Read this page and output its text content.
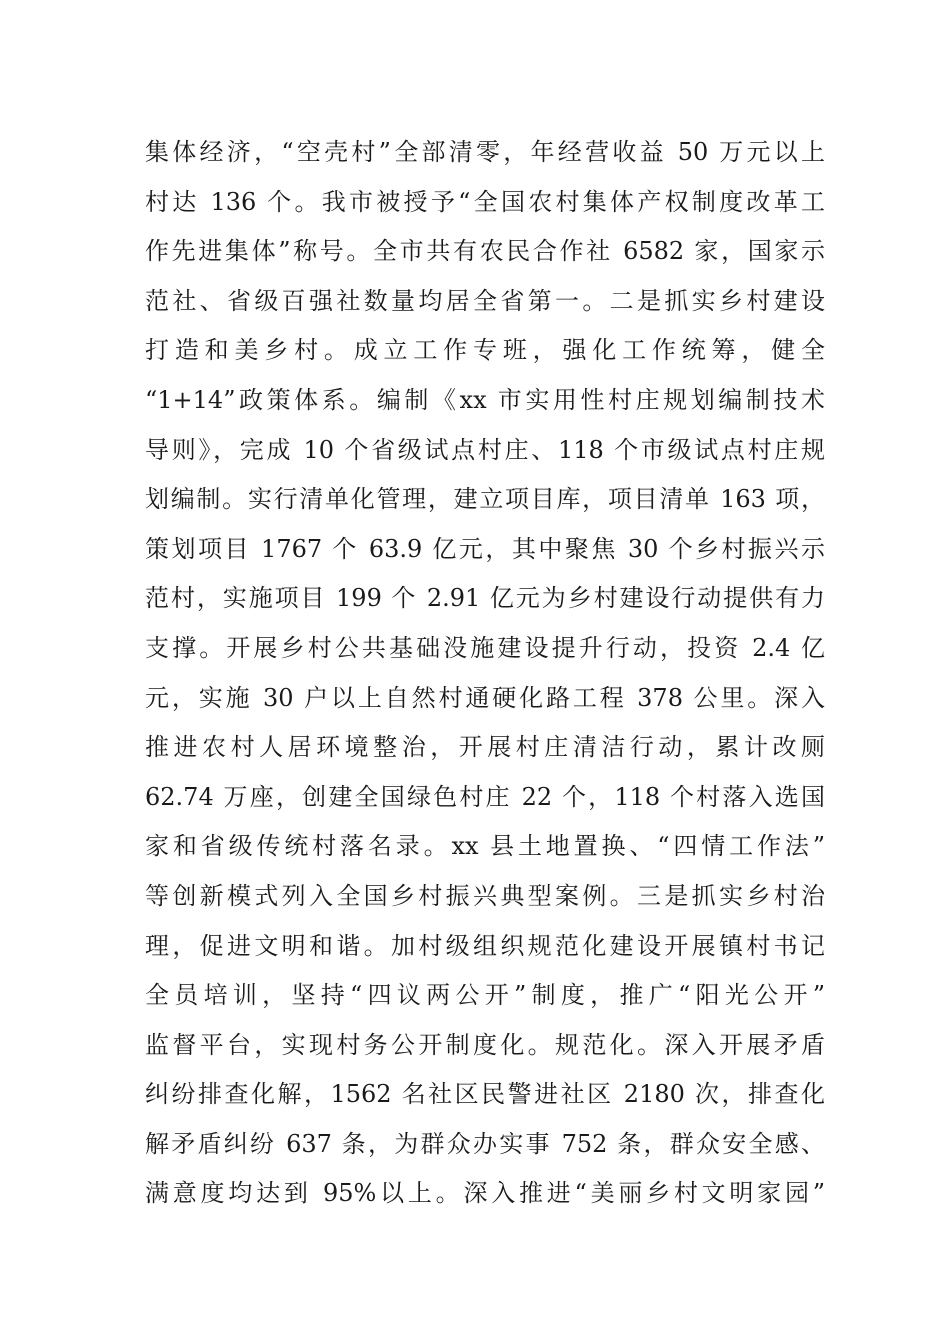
集体经济，“空壳村”全部清零，年经营收益 50 万元以上
村达 136 个。我市被授予“全国农村集体产权制度改革工
作先进集体”称号。全市共有农民合作社 6582 家，国家示
范社、省级百强社数量均居全省第一。二是抓实乡村建设
打造和美乡村。成立工作专班，强化工作统筹，健全
“1+14”政策体系。编制《xx 市实用性村庄规划编制技术
导则》，完成 10 个省级试点村庄、118 个市级试点村庄规
划编制。实行清单化管理，建立项目库，项目清单 163 项，
策划项目 1767 个 63.9 亿元，其中聚焦 30 个乡村振兴示
范村，实施项目 199 个 2.91 亿元为乡村建设行动提供有力
支撑。开展乡村公共基础没施建设提升行动，投资 2.4 亿
元，实施 30 户以上自然村通硬化路工程 378 公里。深入
推进农村人居环境整治，开展村庄清洁行动，累计改厕
62.74 万座，创建全国绿色村庄 22 个，118 个村落入选国
家和省级传统村落名录。xx 县土地置换、“四情工作法”
等创新模式列入全国乡村振兴典型案例。三是抓实乡村治
理，促进文明和谐。加村级组织规范化建设开展镇村书记
全员培训，坚持“四议两公开”制度，推广“阳光公开”
监督平台，实现村务公开制度化。规范化。深入开展矛盾
纠纷排查化解，1562 名社区民警进社区 2180 次，排查化
解矛盾纠纷 637 条，为群众办实事 752 条，群众安全感、
满意度均达到 95%以上。深入推进“美丽乡村文明家园”
